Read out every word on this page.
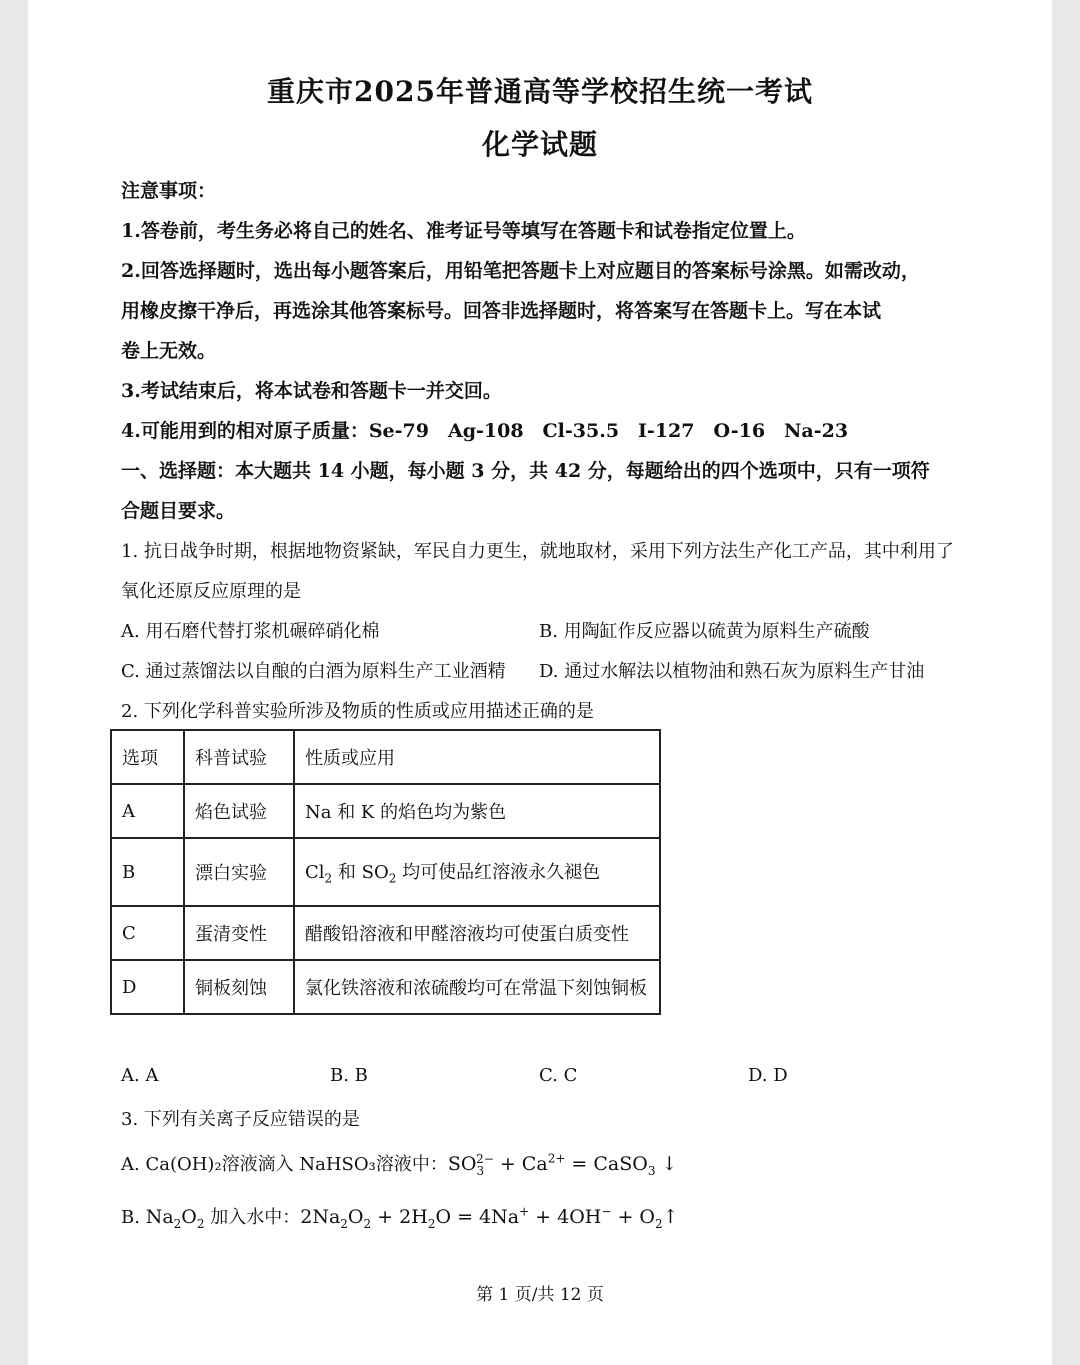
重庆市2025年普通高等学校招生统一考试
化学试题
注意事项：
1.答卷前，考生务必将自己的姓名、准考证号等填写在答题卡和试卷指定位置上。
2.回答选择题时，选出每小题答案后，用铅笔把答题卡上对应题目的答案标号涂黑。如需改动，
用橡皮擦干净后，再选涂其他答案标号。回答非选择题时，将答案写在答题卡上。写在本试
卷上无效。
3.考试结束后，将本试卷和答题卡一并交回。
4.可能用到的相对原子质量：Se-79　Ag-108　Cl-35.5　I-127　O-16　Na-23
一、选择题：本大题共 14 小题，每小题 3 分，共 42 分，每题给出的四个选项中，只有一项符
合题目要求。
1. 抗日战争时期，根据地物资紧缺，军民自力更生，就地取材，采用下列方法生产化工产品，其中利用了
氧化还原反应原理的是
A. 用石磨代替打浆机碾碎硝化棉	B. 用陶缸作反应器以硫黄为原料生产硫酸
C. 通过蒸馏法以自酿的白酒为原料生产工业酒精 D. 通过水解法以植物油和熟石灰为原料生产甘油
2. 下列化学科普实验所涉及物质的性质或应用描述正确的是
选项	科普试验	性质或应用
A	焰色试验	Na 和 K 的焰色均为紫色
B	漂白实验	$Cl_2$ 和 $SO_2$ 均可使品红溶液永久褪色
C	蛋清变性	醋酸铅溶液和甲醛溶液均可使蛋白质变性
D	铜板刻蚀	氯化铁溶液和浓硫酸均可在常温下刻蚀铜板
A. A	B. B	C. C	D. D
3. 下列有关离子反应错误的是
A. Ca(OH)₂溶液滴入 NaHSO₃溶液中：$SO_3^{2-} + Ca^{2+}$ = CaSO$_3$ ↓
B. $Na_2O_2$ 加入水中：$2Na_2O_2 + 2H_2O = 4Na^+ + 4OH^-$ + $O_2↑$
第 1 页/共 12 页
